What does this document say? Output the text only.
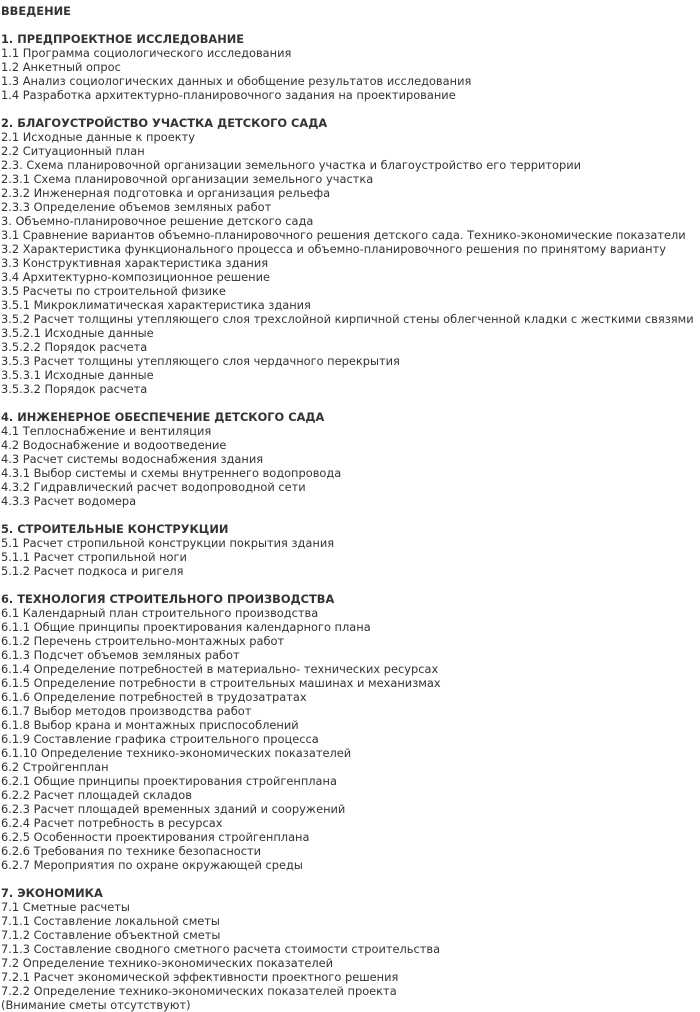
ВВЕДЕНИЕ
1. ПРЕДПРОЕКТНОЕ ИССЛЕДОВАНИЕ
1.1 Программа социологического исследования
1.2 Анкетный опрос
1.3 Анализ социологических данных и обобщение результатов исследования
1.4 Разработка архитектурно-планировочного задания на проектирование
2. БЛАГОУСТРОЙСТВО УЧАСТКА ДЕТСКОГО САДА
2.1 Исходные данные к проекту
2.2 Ситуационный план
2.3. Схема планировочной организации земельного участка и благоустройство его территории
2.3.1 Схема планировочной организации земельного участка
2.3.2 Инженерная подготовка и организация рельефа
2.3.3 Определение объемов земляных работ
3. Объемно-планировочное решение детского сада
3.1 Сравнение вариантов объемно-планировочного решения детского сада. Технико-экономические показатели
3.2 Характеристика функционального процесса и объемно-планировочного решения по принятому варианту
3.3 Конструктивная характеристика здания
3.4 Архитектурно-композиционное решение
3.5 Расчеты по строительной физике
3.5.1 Микроклиматическая характеристика здания
3.5.2 Расчет толщины утепляющего слоя трехслойной кирпичной стены облегченной кладки с жесткими связями
3.5.2.1 Исходные данные
3.5.2.2 Порядок расчета
3.5.3 Расчет толщины утепляющего слоя чердачного перекрытия
3.5.3.1 Исходные данные
3.5.3.2 Порядок расчета
4. ИНЖЕНЕРНОЕ ОБЕСПЕЧЕНИЕ ДЕТСКОГО САДА
4.1 Теплоснабжение и вентиляция
4.2 Водоснабжение и водоотведение
4.3 Расчет системы водоснабжения здания
4.3.1 Выбор системы и схемы внутреннего водопровода
4.3.2 Гидравлический расчет водопроводной сети
4.3.3 Расчет водомера
5. СТРОИТЕЛЬНЫЕ КОНСТРУКЦИИ
5.1 Расчет стропильной конструкции покрытия здания
5.1.1 Расчет стропильной ноги
5.1.2 Расчет подкоса и ригеля
6. ТЕХНОЛОГИЯ СТРОИТЕЛЬНОГО ПРОИЗВОДСТВА
6.1 Календарный план строительного производства
6.1.1 Общие принципы проектирования календарного плана
6.1.2 Перечень строительно-монтажных работ
6.1.3 Подсчет объемов земляных работ
6.1.4 Определение потребностей в материально- технических ресурсах
6.1.5 Определение потребности в строительных машинах и механизмах
6.1.6 Определение потребностей в трудозатратах
6.1.7 Выбор методов производства работ
6.1.8 Выбор крана и монтажных приспособлений
6.1.9 Составление графика строительного процесса
6.1.10 Определение технико-экономических показателей
6.2 Стройгенплан
6.2.1 Общие принципы проектирования стройгенплана
6.2.2 Расчет площадей складов
6.2.3 Расчет площадей временных зданий и сооружений
6.2.4 Расчет потребность в ресурсах
6.2.5 Особенности проектирования стройгенплана
6.2.6 Требования по технике безопасности
6.2.7 Мероприятия по охране окружающей среды
7. ЭКОНОМИКА
7.1 Сметные расчеты
7.1.1 Составление локальной сметы
7.1.2 Составление объектной сметы
7.1.3 Составление сводного сметного расчета стоимости строительства
7.2 Определение технико-экономических показателей
7.2.1 Расчет экономической эффективности проектного решения
7.2.2 Определение технико-экономических показателей проекта
(Внимание сметы отсутствуют)
